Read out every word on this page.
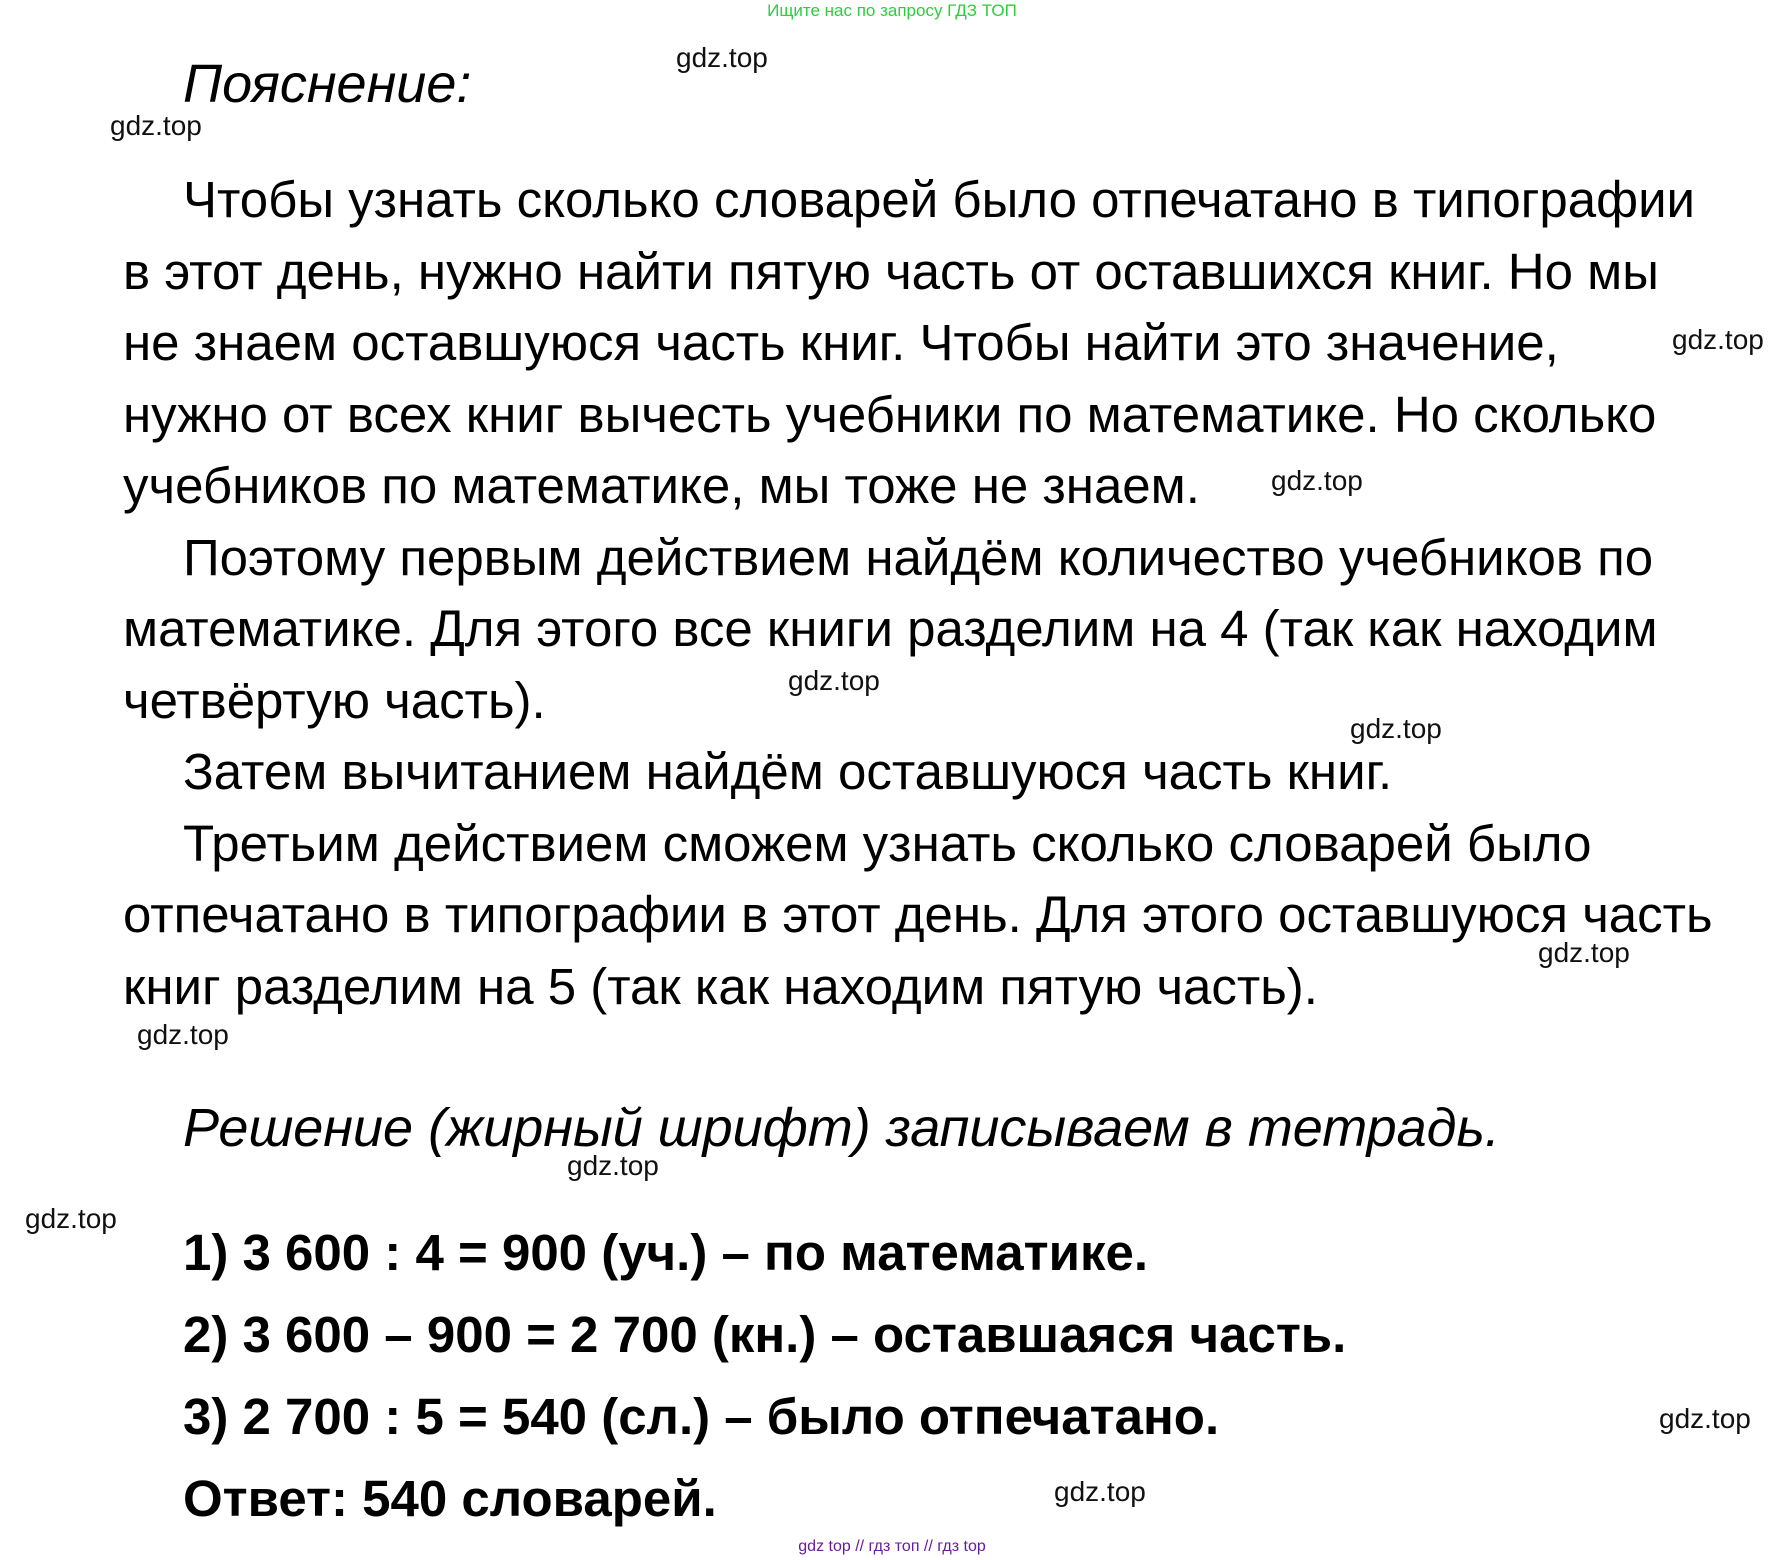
Ищите нас по запросу ГДЗ ТОП
Пояснение:

Чтобы узнать сколько словарей было отпечатано в типографии

в этот день, нужно найти пятую часть от оставшихся книг. Но мы

не знаем оставшуюся часть книг. Чтобы найти это значение,

нужно от всех книг вычесть учебники по математике. Но сколько

учебников по математике, мы тоже не знаем.

Поэтому первым действием найдём количество учебников по

математике. Для этого все книги разделим на 4 (так как находим

четвёртую часть).

Затем вычитанием найдём оставшуюся часть книг.

Третьим действием сможем узнать сколько словарей было

отпечатано в типографии в этот день. Для этого оставшуюся часть

книг разделим на 5 (так как находим пятую часть).

Решение (жирный шрифт) записываем в тетрадь.
1) 3 600 : 4 = 900 (уч.) – по математике.
2) 3 600 – 900 = 2 700 (кн.) – оставшаяся часть.
3) 2 700 : 5 = 540 (сл.) – было отпечатано.
Ответ: 540 словарей.
gdz.top
gdz.top
gdz.top
gdz.top
gdz.top
gdz.top
gdz.top
gdz.top
gdz.top
gdz.top
gdz.top
gdz.top
gdz top // гдз топ // гдз top
